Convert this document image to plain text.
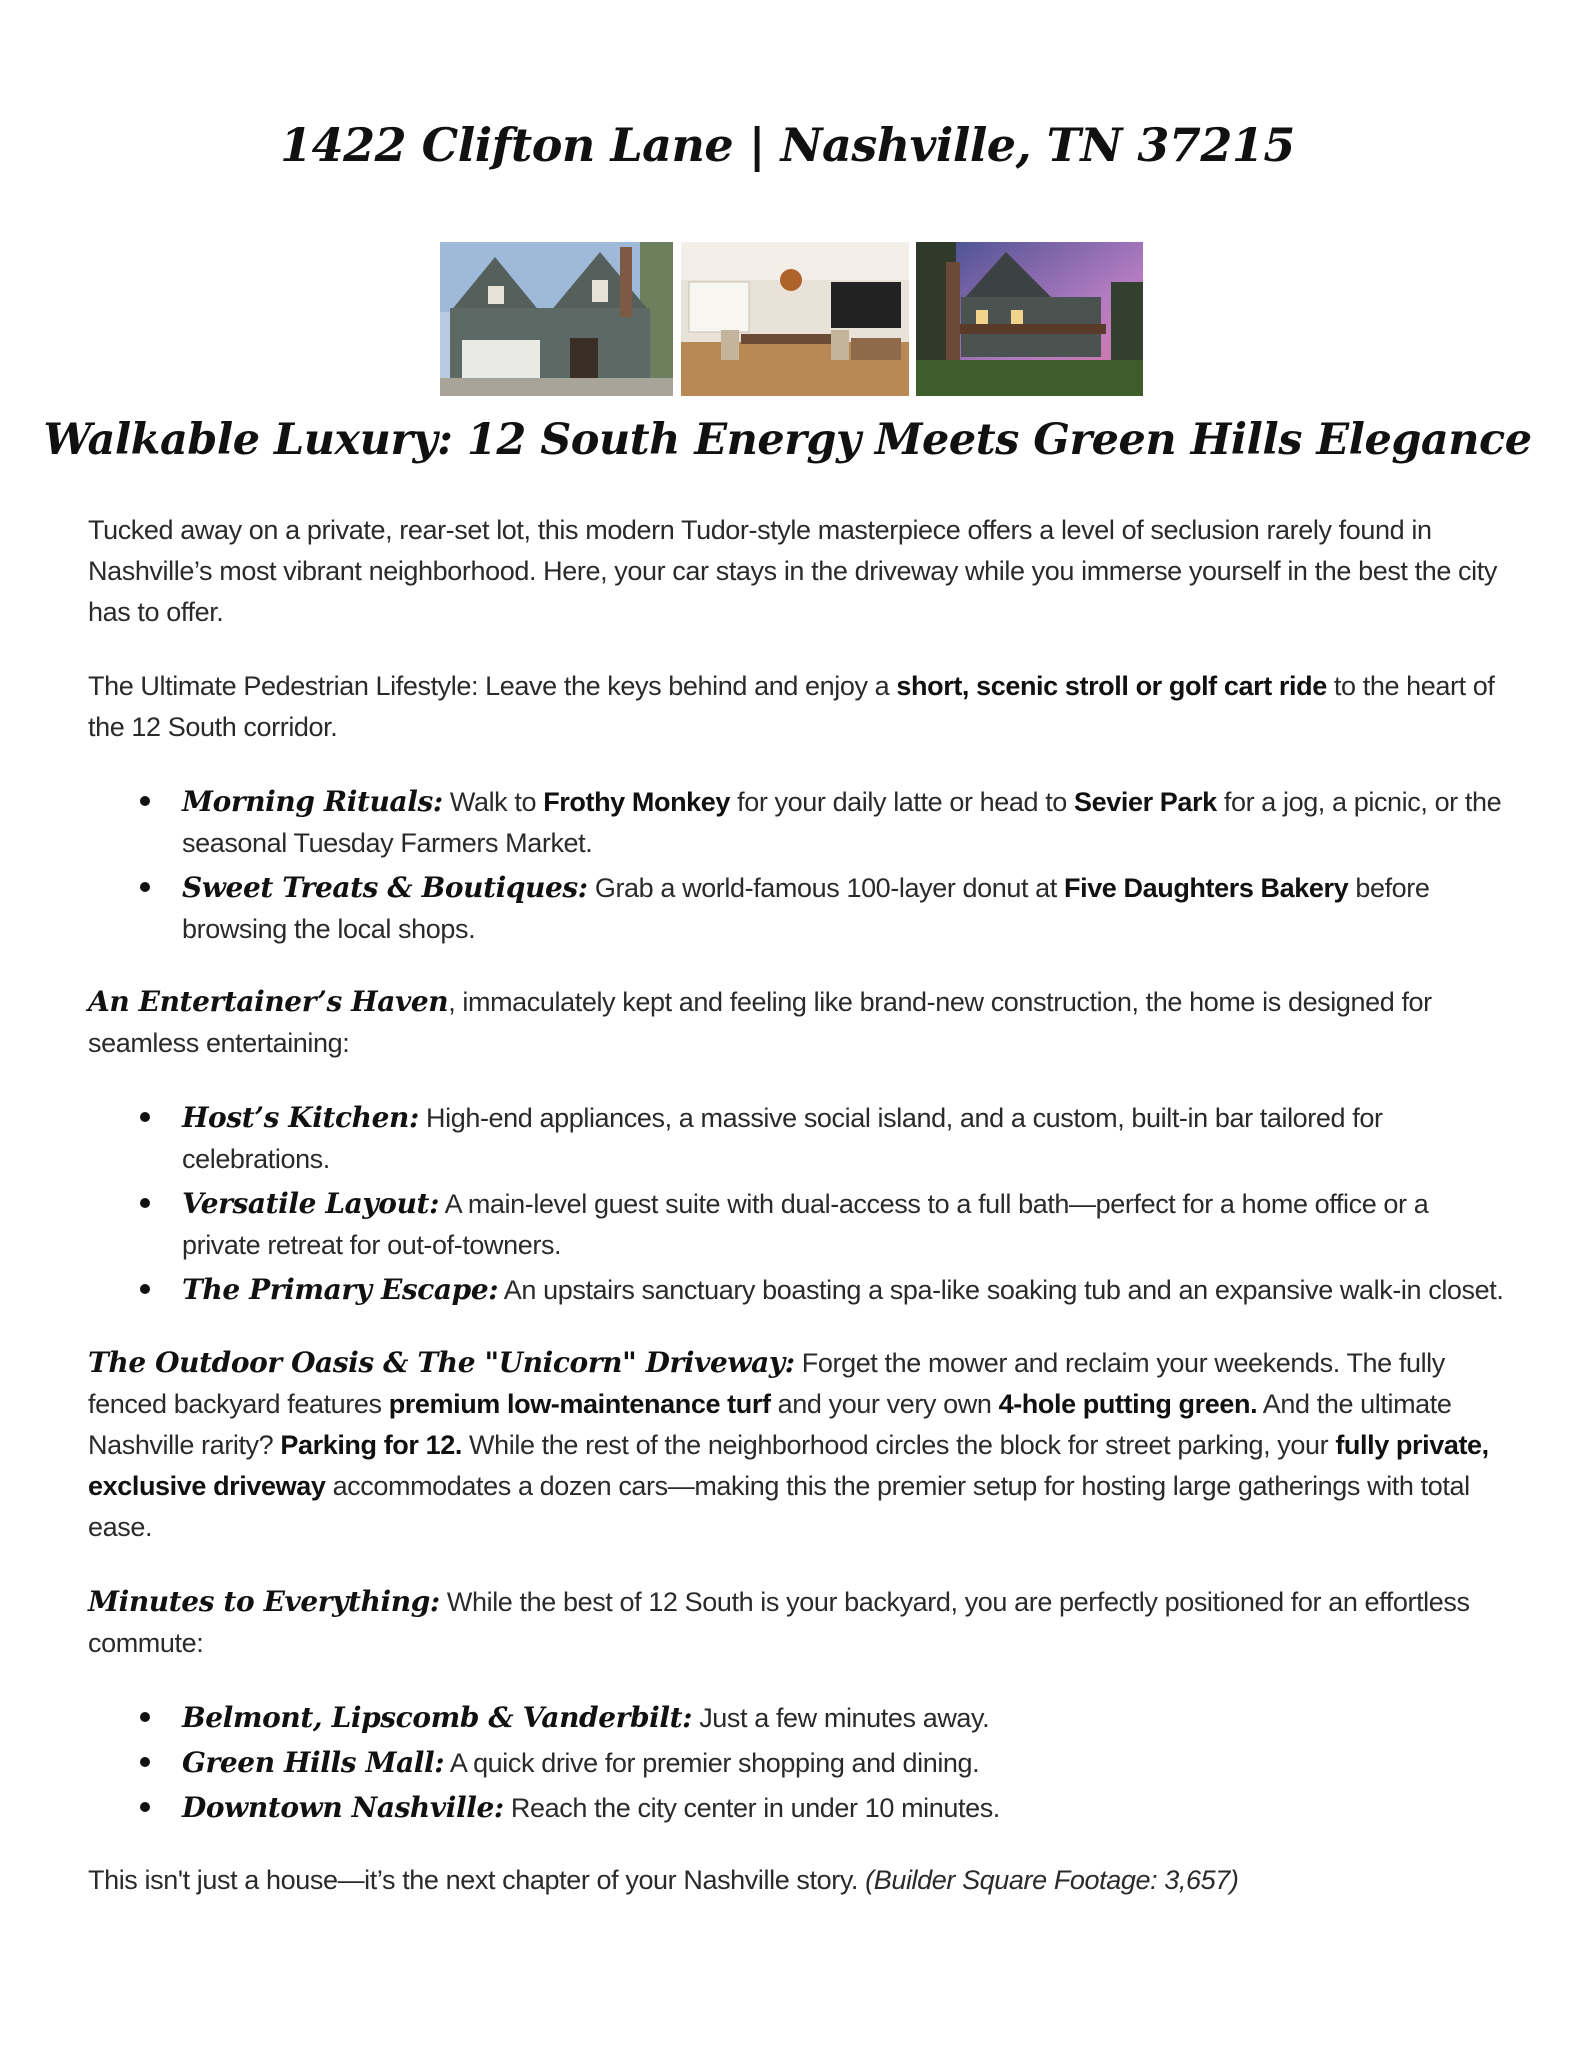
1422 Clifton Lane | Nashville, TN 37215
Walkable Luxury: 12 South Energy Meets Green Hills Elegance

Tucked away on a private, rear-set lot, this modern Tudor-style masterpiece offers a level of seclusion rarely found in Nashville’s most vibrant neighborhood. Here, your car stays in the driveway while you immerse yourself in the best the city has to offer.

The Ultimate Pedestrian Lifestyle: Leave the keys behind and enjoy a short, scenic stroll or golf cart ride to the heart of the 12 South corridor.

Morning Rituals: Walk to Frothy Monkey for your daily latte or head to Sevier Park for a jog, a picnic, or the seasonal Tuesday Farmers Market.
Sweet Treats & Boutiques: Grab a world-famous 100-layer donut at Five Daughters Bakery before browsing the local shops.

An Entertainer’s Haven, immaculately kept and feeling like brand-new construction, the home is designed for seamless entertaining:

Host’s Kitchen: High-end appliances, a massive social island, and a custom, built-in bar tailored for celebrations.
Versatile Layout: A main-level guest suite with dual-access to a full bath—perfect for a home office or a private retreat for out-of-towners.
The Primary Escape: An upstairs sanctuary boasting a spa-like soaking tub and an expansive walk-in closet.

The Outdoor Oasis & The "Unicorn" Driveway: Forget the mower and reclaim your weekends. The fully fenced backyard features premium low-maintenance turf and your very own 4-hole putting green. And the ultimate Nashville rarity? Parking for 12. While the rest of the neighborhood circles the block for street parking, your fully private, exclusive driveway accommodates a dozen cars—making this the premier setup for hosting large gatherings with total ease.

Minutes to Everything: While the best of 12 South is your backyard, you are perfectly positioned for an effortless commute:

Belmont, Lipscomb & Vanderbilt: Just a few minutes away.
Green Hills Mall: A quick drive for premier shopping and dining.
Downtown Nashville: Reach the city center in under 10 minutes.

This isn't just a house—it’s the next chapter of your Nashville story. (Builder Square Footage: 3,657)
